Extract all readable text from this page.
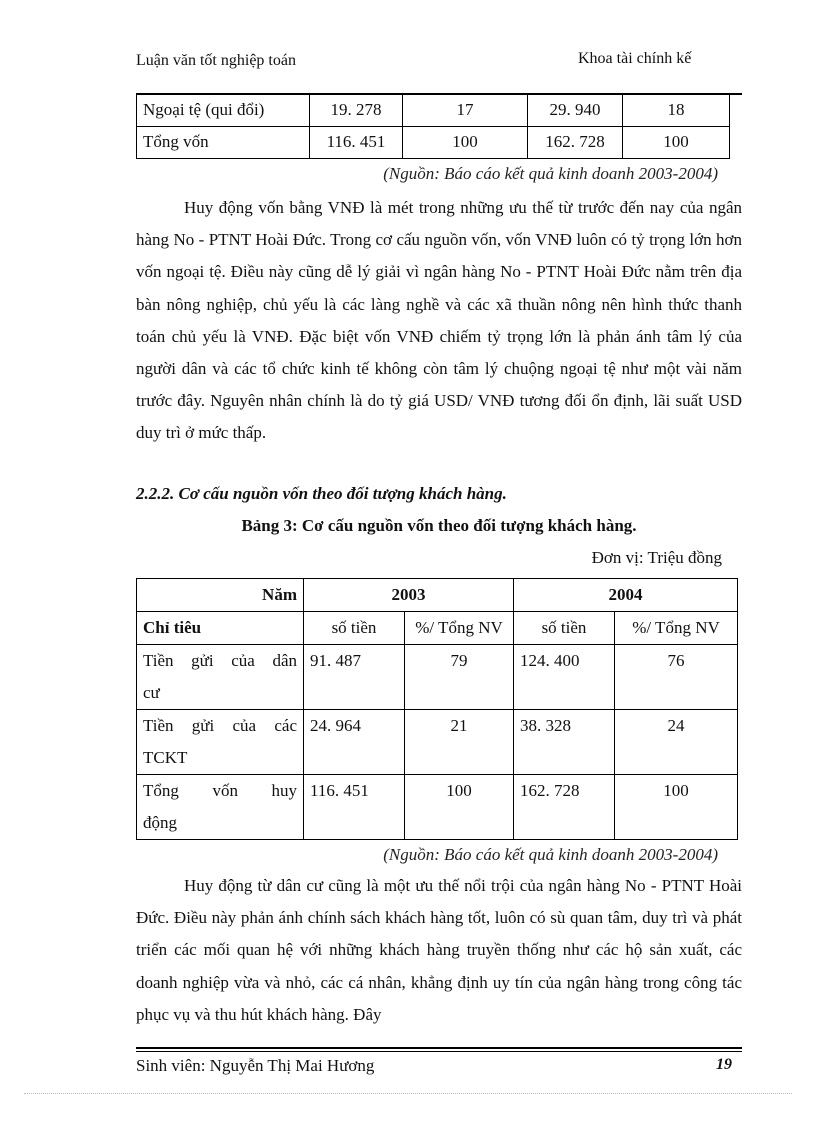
Luận văn tốt nghiệp toán	Khoa tài chính kế
Ngoại tệ (qui đổi)	19. 278	17	29. 940	18
Tổng vốn	116. 451	100	162. 728	100
(Nguồn: Báo cáo kết quả kinh doanh 2003-2004)

Huy động vốn bằng VNĐ là mét trong những ưu thế từ trước đến nay của ngân hàng No - PTNT Hoài Đức. Trong cơ cấu nguồn vốn, vốn VNĐ luôn có tỷ trọng lớn hơn vốn ngoại tệ. Điều này cũng dễ lý giải vì ngân hàng No - PTNT Hoài Đức nằm trên địa bàn nông nghiệp, chủ yếu là các làng nghề và các xã thuần nông nên hình thức thanh toán chủ yếu là VNĐ. Đặc biệt vốn VNĐ chiếm tỷ trọng lớn là phản ánh tâm lý của người dân và các tổ chức kinh tế không còn tâm lý chuộng ngoại tệ như một vài năm trước đây. Nguyên nhân chính là do tỷ giá USD/ VNĐ tương đối ổn định, lãi suất USD duy trì ở mức thấp.

2.2.2. Cơ cấu nguồn vốn theo đối tượng khách hàng.
Bảng 3: Cơ cấu nguồn vốn theo đối tượng khách hàng.
Đơn vị: Triệu đồng
Năm	2003		2004	
Chỉ tiêu	số tiền	%/ Tổng NV	số tiền	%/ Tổng NV

Tiền gửi của dân
cư	91. 487	79	124. 400	76

Tiền gửi của các
TCKT	24. 964	21	38. 328	24

Tổng vốn huy
động	116. 451	100	162. 728	100
(Nguồn: Báo cáo kết quả kinh doanh 2003-2004)

Huy động từ dân cư cũng là một ưu thế nổi trội của ngân hàng No - PTNT Hoài Đức. Điều này phản ánh chính sách khách hàng tốt, luôn có sù quan tâm, duy trì và phát triển các mối quan hệ với những khách hàng truyền thống như các hộ sản xuất, các doanh nghiệp vừa và nhỏ, các cá nhân, khẳng định uy tín của ngân hàng trong công tác phục vụ và thu hút khách hàng. Đây

Sinh viên: Nguyễn Thị Mai Hương	19
